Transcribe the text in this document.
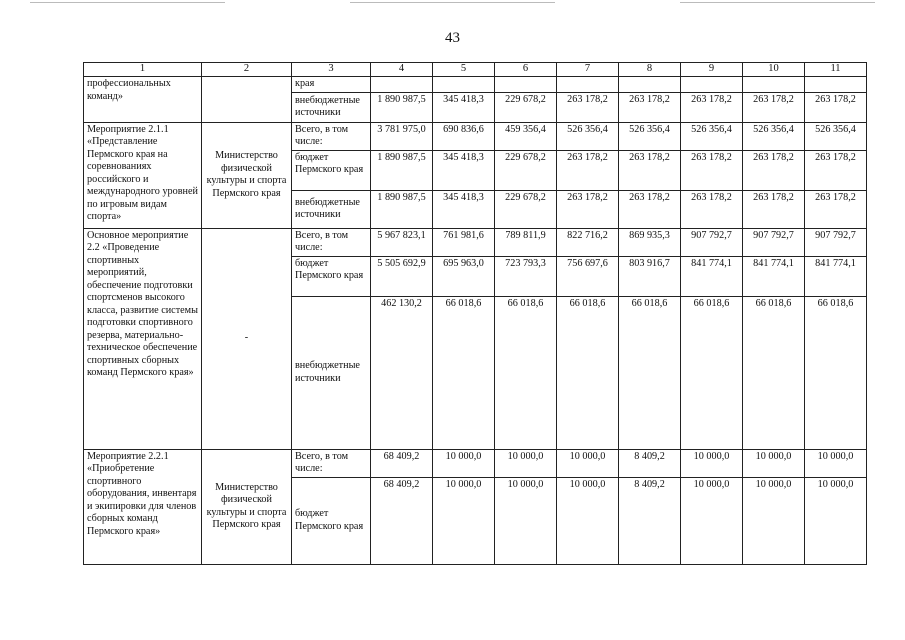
43
1	2	3	4	5	6	7	8	9	10	11
профессиональных команд»		края								
		внебюджетные источники	1 890 987,5	345 418,3	229 678,2	263 178,2	263 178,2	263 178,2	263 178,2	263 178,2
Мероприятие 2.1.1 «Представление Пермского края на соревнованиях российского и международного уровней по игровым видам спорта»	Министерство физической культуры и спорта Пермского края	Всего, в том числе:	3 781 975,0	690 836,6	459 356,4	526 356,4	526 356,4	526 356,4	526 356,4	526 356,4
		бюджет Пермского края	1 890 987,5	345 418,3	229 678,2	263 178,2	263 178,2	263 178,2	263 178,2	263 178,2
		внебюджетные источники	1 890 987,5	345 418,3	229 678,2	263 178,2	263 178,2	263 178,2	263 178,2	263 178,2
Основное мероприятие 2.2 «Проведение спортивных мероприятий, обеспечение подготовки спортсменов высокого класса, развитие системы подготовки спортивного резерва, материально-техническое обеспечение спортивных сборных команд Пермского края»	-	Всего, в том числе:	5 967 823,1	761 981,6	789 811,9	822 716,2	869 935,3	907 792,7	907 792,7	907 792,7
		бюджет Пермского края	5 505 692,9	695 963,0	723 793,3	756 697,6	803 916,7	841 774,1	841 774,1	841 774,1
		внебюджетные источники	462 130,2	66 018,6	66 018,6	66 018,6	66 018,6	66 018,6	66 018,6	66 018,6
Мероприятие 2.2.1 «Приобретение спортивного оборудования, инвентаря и экипировки для членов сборных команд Пермского края»	Министерство физической культуры и спорта Пермского края	Всего, в том числе:	68 409,2	10 000,0	10 000,0	10 000,0	8 409,2	10 000,0	10 000,0	10 000,0
		бюджет Пермского края	68 409,2	10 000,0	10 000,0	10 000,0	8 409,2	10 000,0	10 000,0	10 000,0
